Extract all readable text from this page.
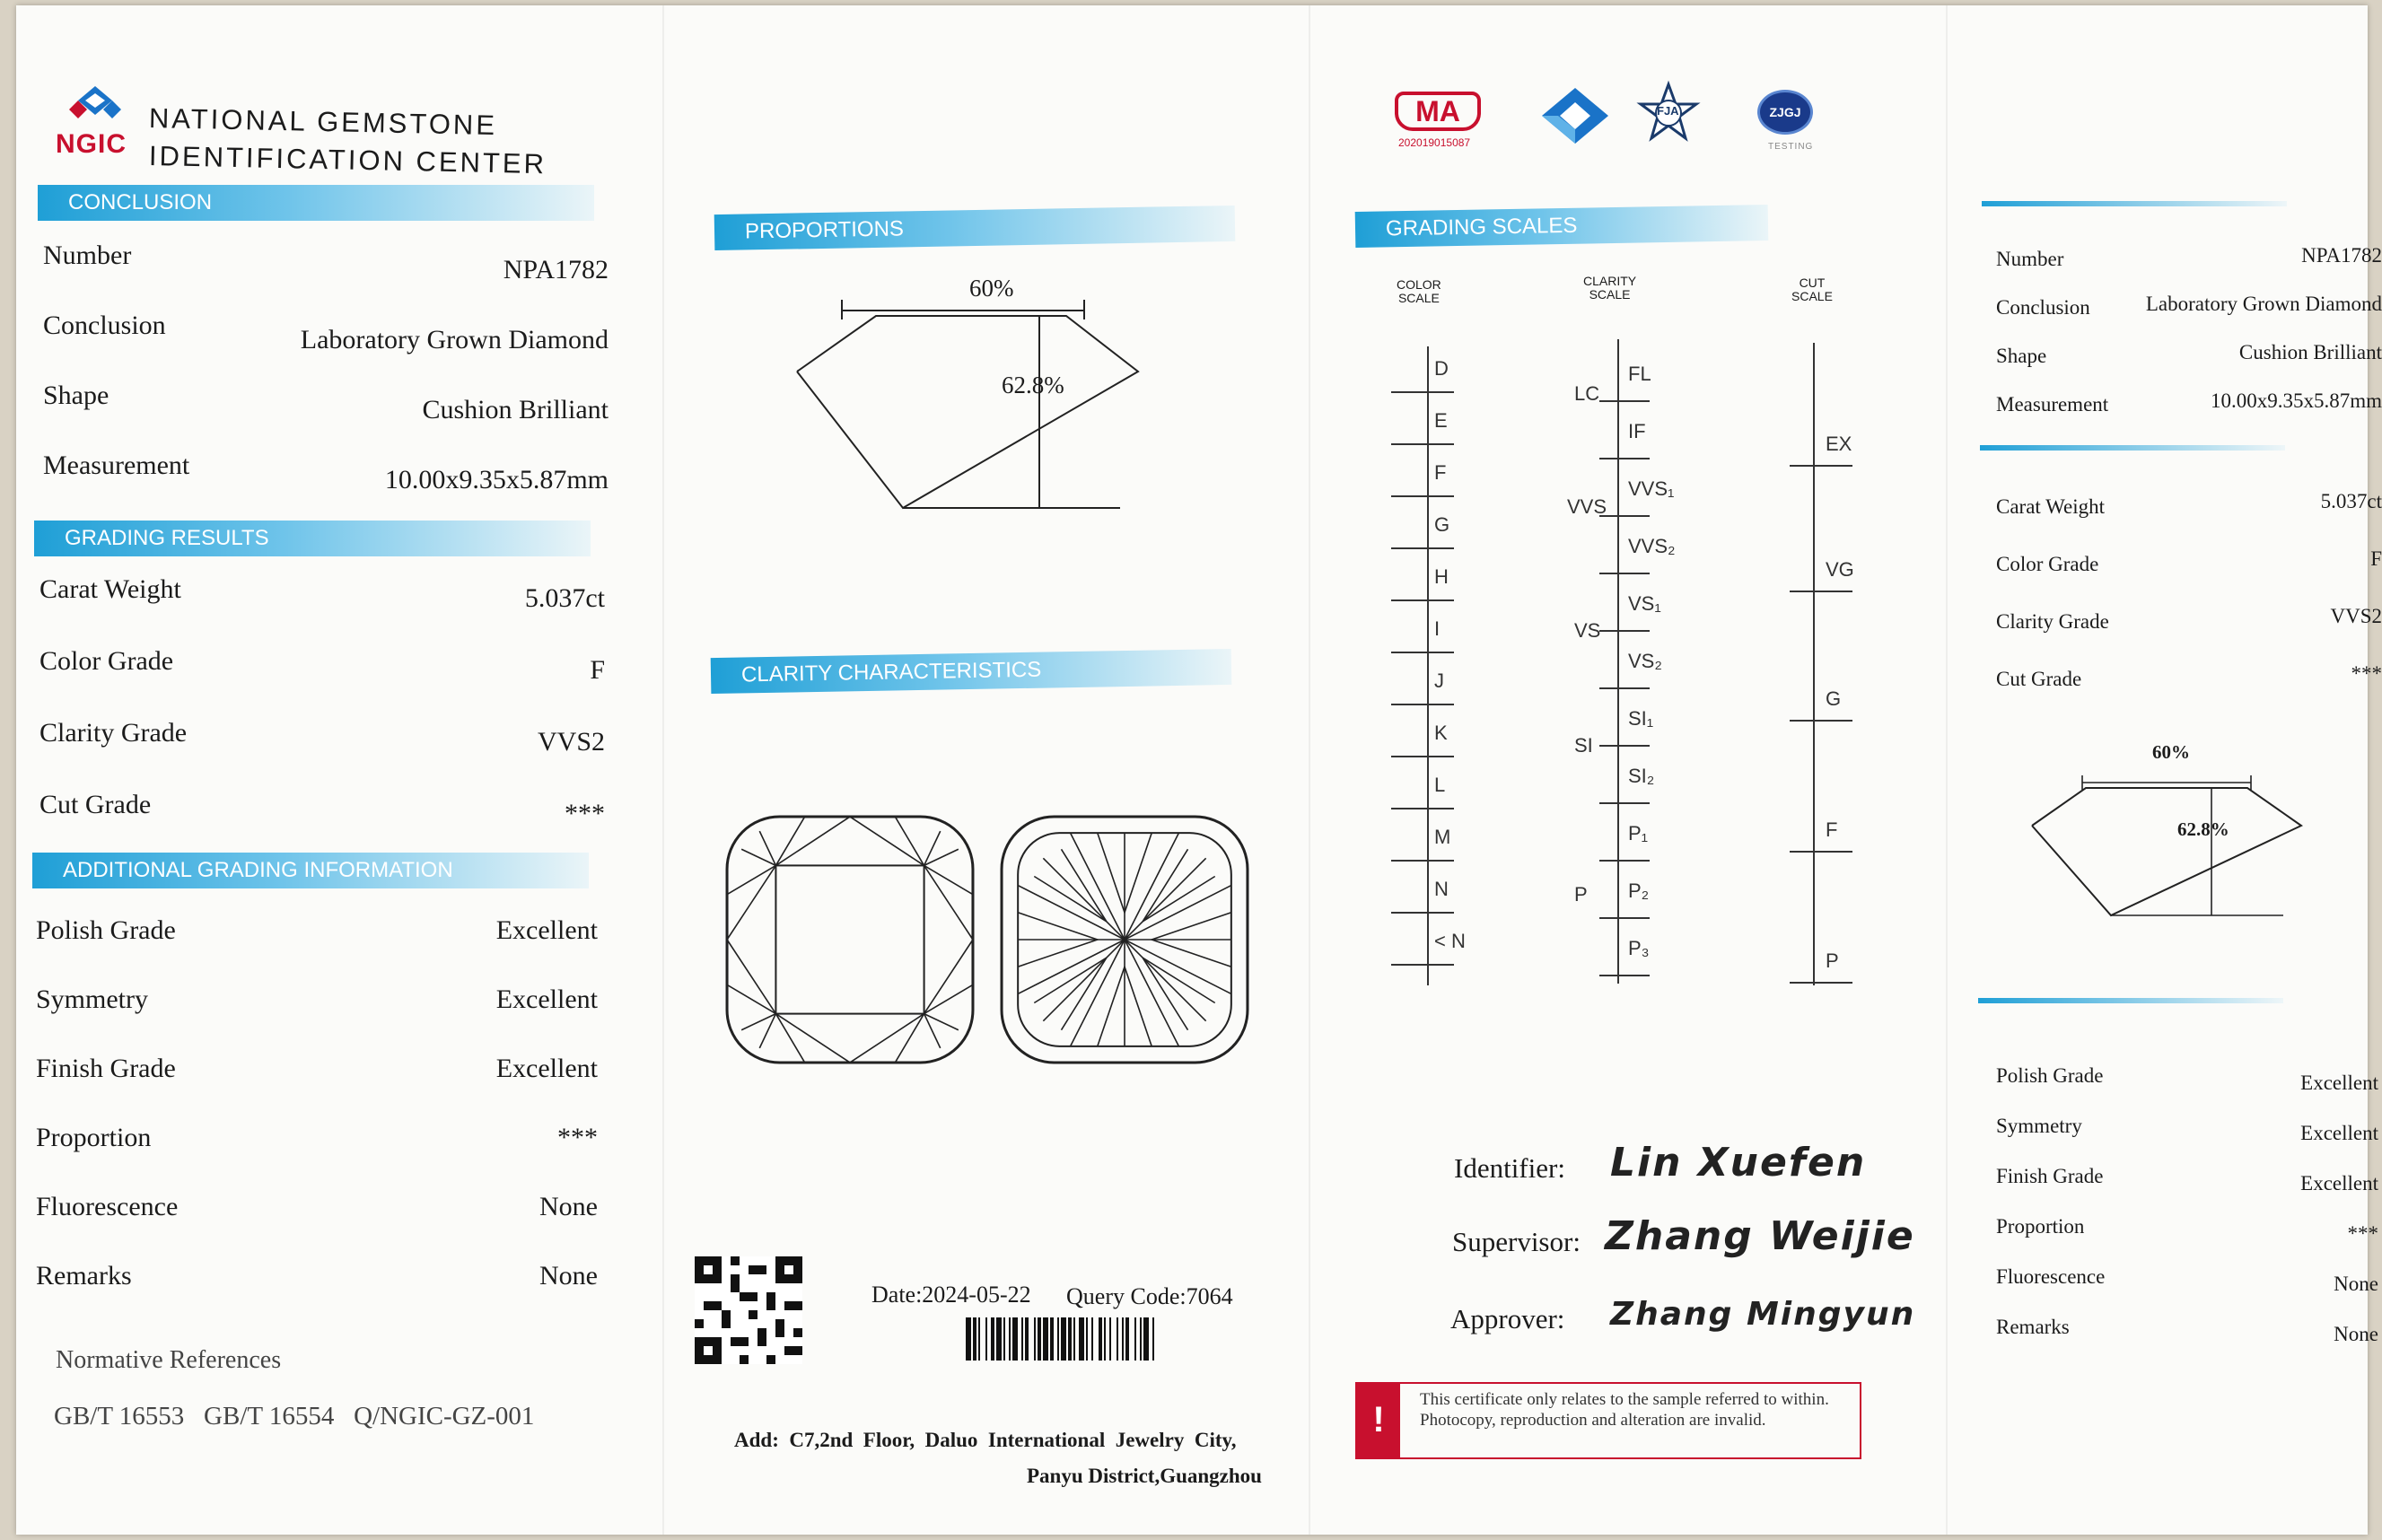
NGIC
NATIONAL GEMSTONE
IDENTIFICATION CENTER
CONCLUSION
Number	NPA1782
Conclusion	Laboratory Grown Diamond
Shape	Cushion Brilliant
Measurement	10.00x9.35x5.87mm
GRADING RESULTS
Carat Weight	5.037ct
Color Grade	F
Clarity Grade	VVS2
Cut Grade	***
ADDITIONAL GRADING INFORMATION
Polish Grade	Excellent
Symmetry	Excellent
Finish Grade	Excellent
Proportion	***
Fluorescence	None
Remarks	None
Normative References
GB/T 16553   GB/T 16554   Q/NGIC-GZ-001
PROPORTIONS
60%
62.8%
CLARITY CHARACTERISTICS
Date:2024-05-22 Query Code:7064
Add:  C7,2nd  Floor,  Daluo  International  Jewelry  City,
Panyu District,Guangzhou
MA
202019015087
FJA	ZJGJ
TESTING
GRADING SCALES
COLOR
SCALE
CLARITY
SCALE
CUT
SCALE
D
E
F
G
H
I
J
K
L
M
N
< N
FL
IF
VVS₁
VVS₂
VS₁
VS₂
SI₁
SI₂
P₁
P₂
P₃
LC
VVS
VS
SI
P
EX
VG
G
F
P
Identifier: Lin Xuefen
Supervisor: Zhang Weijie
Approver: Zhang Mingyun
!
This certificate only relates to the sample referred to within. Photocopy, reproduction and alteration are invalid.
Number	NPA1782
Conclusion	Laboratory Grown Diamond
Shape	Cushion Brilliant
Measurement	10.00x9.35x5.87mm
Carat Weight	5.037ct
Color Grade	F
Clarity Grade	VVS2
Cut Grade	***
60%
62.8%
Polish Grade	Excellent
Symmetry	Excellent
Finish Grade	Excellent
Proportion	***
Fluorescence	None
Remarks	None
